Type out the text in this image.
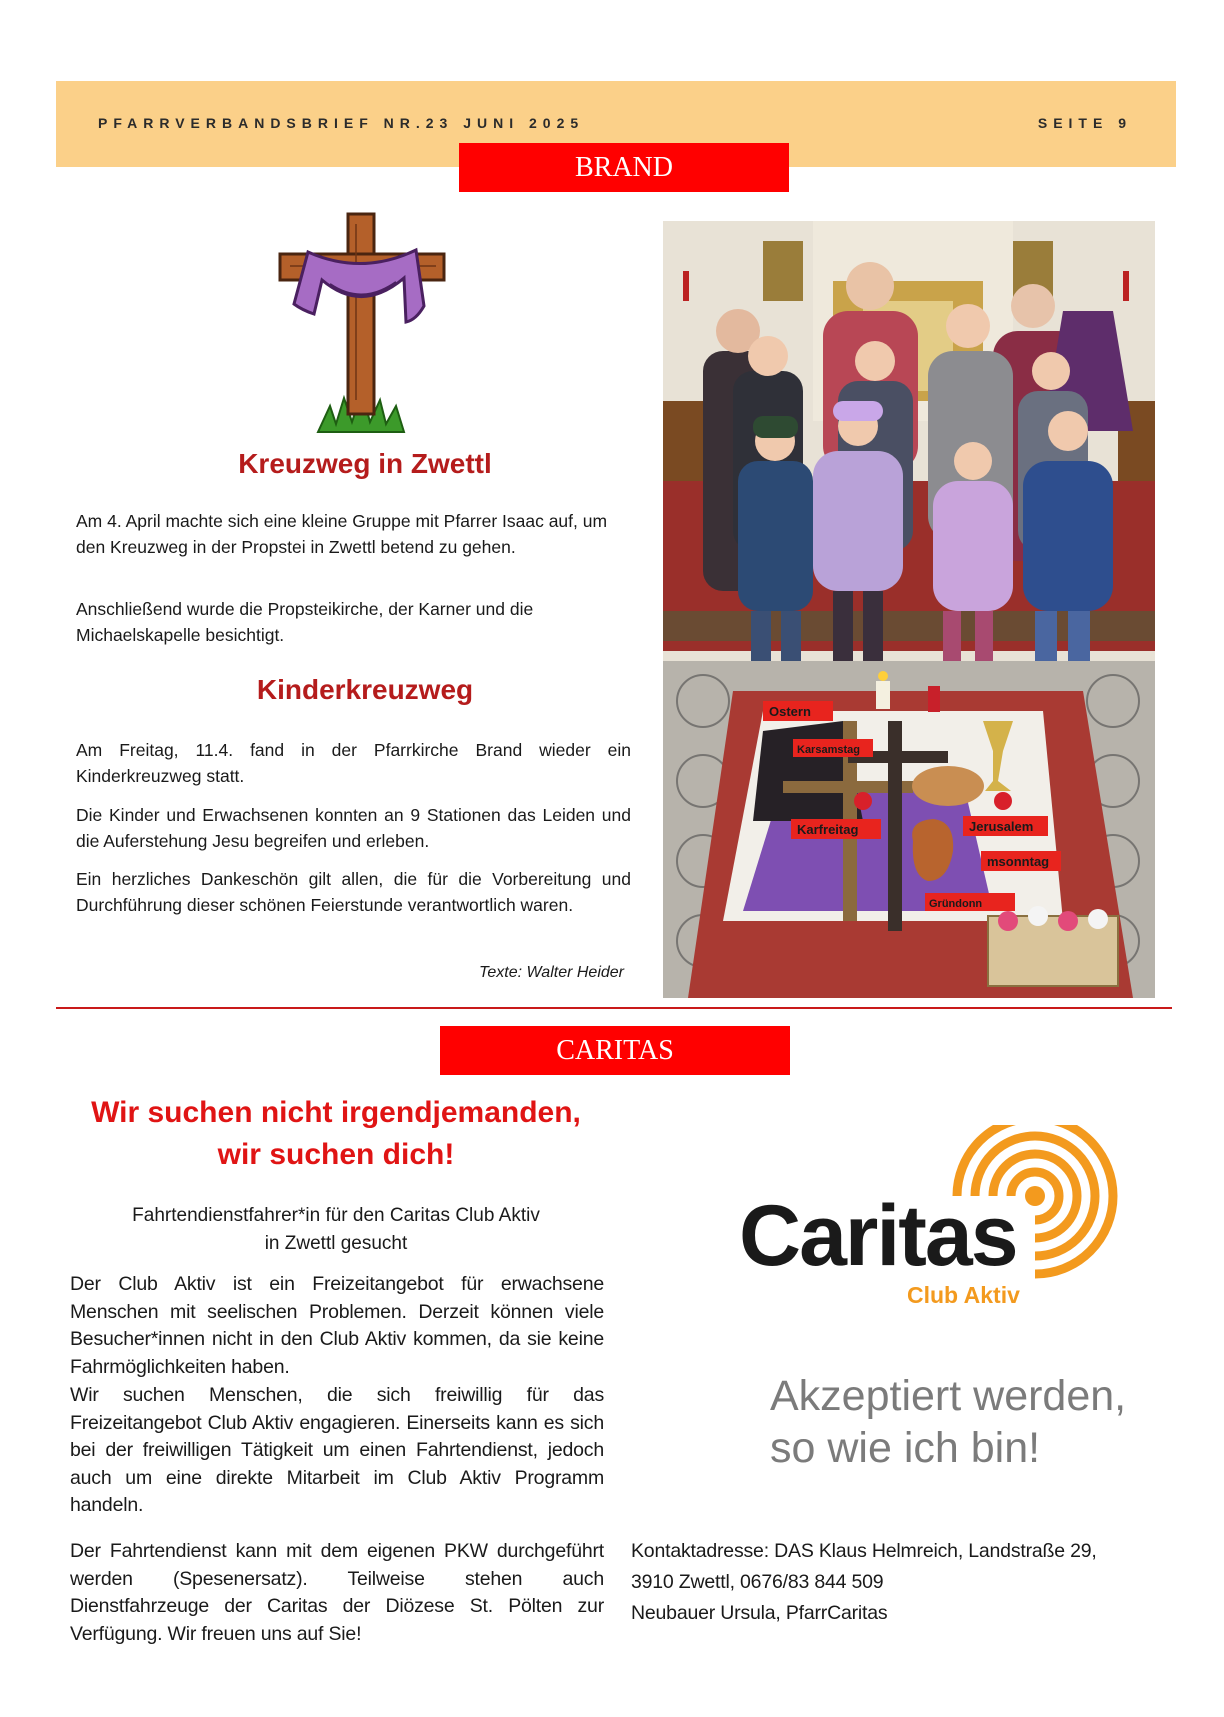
PFARRVERBANDSBRIEF NR.23 JUNI 2025	SEITE 9
BRAND
Kreuzweg in Zwettl

Am 4. April machte sich eine kleine Gruppe mit Pfarrer Isaac auf, um den Kreuzweg in der Propstei in Zwettl betend zu gehen.

Anschließend wurde die Propsteikirche, der Karner und die Michaelskapelle besichtigt.

Kinderkreuzweg

Am Freitag, 11.4. fand in der Pfarrkirche Brand wieder ein Kinderkreuzweg statt.

Die Kinder und Erwachsenen konnten an 9 Stationen das Leiden und die Auferstehung Jesu begreifen und erleben.

Ein herzliches Dankeschön gilt allen, die für die Vorbereitung und Durchführung dieser schönen Feierstunde verantwortlich waren.

Texte: Walter Heider
Ostern
Karsamstag
Karfreitag	Jerusalem
msonntag
Gründonn
CARITAS
Wir suchen nicht irgendjemanden,
wir suchen dich!
Fahrtendienstfahrer*in für den Caritas Club Aktiv
in Zwettl gesucht

Der Club Aktiv ist ein Freizeitangebot für erwachsene Menschen mit seelischen Problemen. Derzeit können viele Besucher*innen nicht in den Club Aktiv kommen, da sie keine Fahrmöglichkeiten haben.

Wir suchen Menschen, die sich freiwillig für das Freizeitangebot Club Aktiv engagieren. Einerseits kann es sich bei der freiwilligen Tätigkeit um einen Fahrtendienst, jedoch auch um eine direkte Mitarbeit im Club Aktiv Programm handeln.

Der Fahrtendienst kann mit dem eigenen PKW durchgeführt werden (Spesenersatz). Teilweise stehen auch Dienstfahrzeuge der Caritas der Diözese St. Pölten zur Verfügung. Wir freuen uns auf Sie!

Caritas
Club Aktiv
Akzeptiert werden,
so wie ich bin!
Kontaktadresse: DAS Klaus Helmreich, Landstraße 29,
3910 Zwettl, 0676/83 844 509
Neubauer Ursula, PfarrCaritas
